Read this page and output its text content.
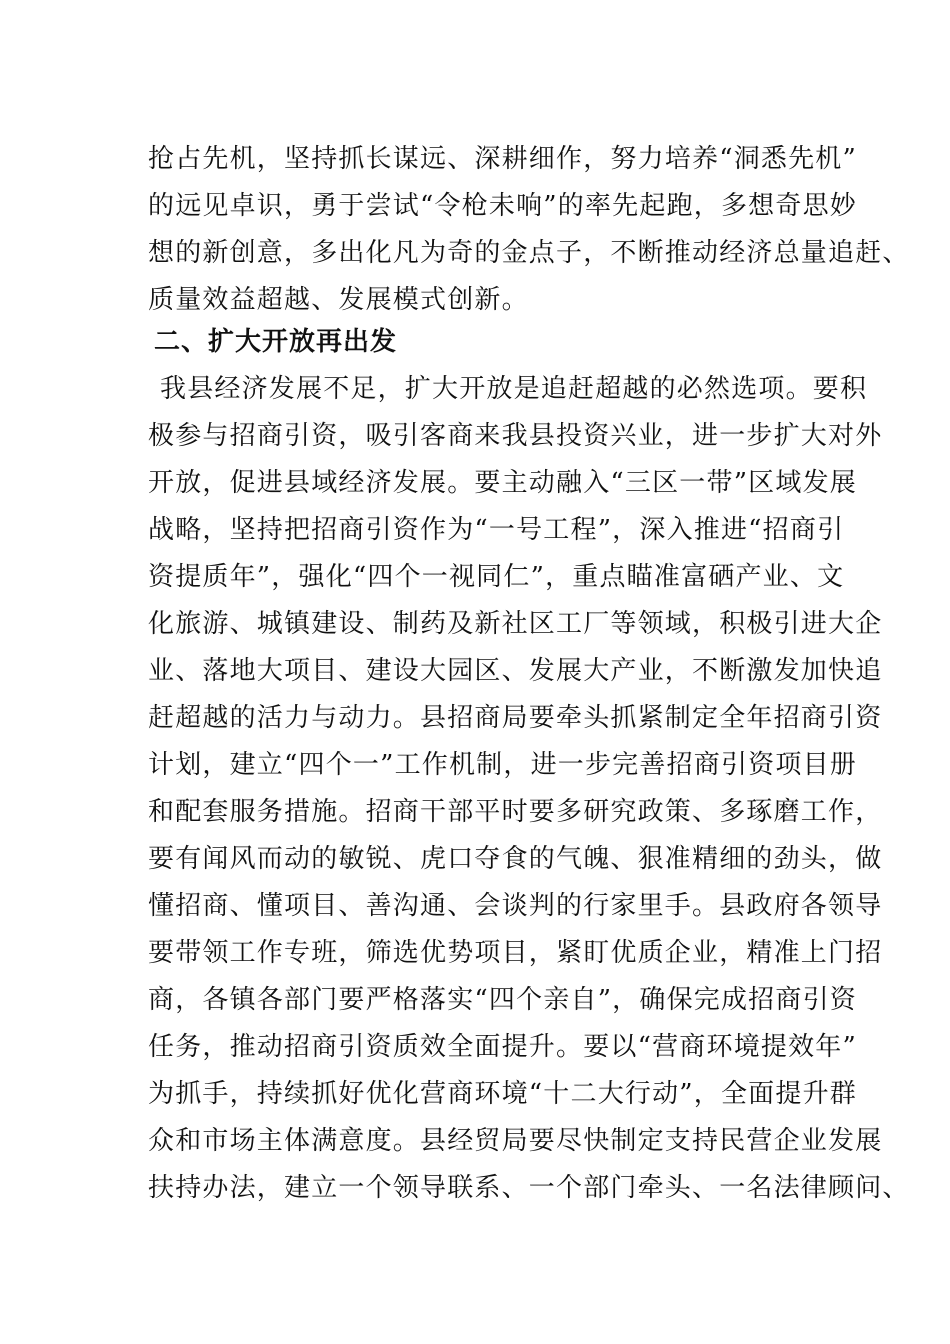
抢占先机，坚持抓长谋远、深耕细作，努力培养“洞悉先机”
的远见卓识，勇于尝试“令枪未响”的率先起跑，多想奇思妙
想的新创意，多出化凡为奇的金点子，不断推动经济总量追赶、
质量效益超越、发展模式创新。
二、扩大开放再出发
我县经济发展不足，扩大开放是追赶超越的必然选项。要积
极参与招商引资，吸引客商来我县投资兴业，进一步扩大对外
开放，促进县域经济发展。要主动融入“三区一带”区域发展
战略，坚持把招商引资作为“一号工程”，深入推进“招商引
资提质年”，强化“四个一视同仁”，重点瞄准富硒产业、文
化旅游、城镇建设、制药及新社区工厂等领域，积极引进大企
业、落地大项目、建设大园区、发展大产业，不断激发加快追
赶超越的活力与动力。县招商局要牵头抓紧制定全年招商引资
计划，建立“四个一”工作机制，进一步完善招商引资项目册
和配套服务措施。招商干部平时要多研究政策、多琢磨工作，
要有闻风而动的敏锐、虎口夺食的气魄、狠准精细的劲头，做
懂招商、懂项目、善沟通、会谈判的行家里手。县政府各领导
要带领工作专班，筛选优势项目，紧盯优质企业，精准上门招
商，各镇各部门要严格落实“四个亲自”，确保完成招商引资
任务，推动招商引资质效全面提升。要以“营商环境提效年”
为抓手，持续抓好优化营商环境“十二大行动”，全面提升群
众和市场主体满意度。县经贸局要尽快制定支持民营企业发展
扶持办法，建立一个领导联系、一个部门牵头、一名法律顾问、
